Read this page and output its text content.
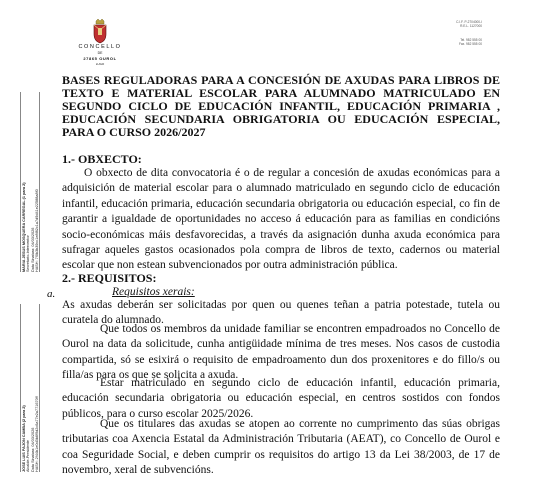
CONCELLO
DE
27865 OUROL
LUGO
C.I.F. P-2704000-I
R.E.L. 1127000
Tel. 982 555 00
Fax. 982 555 00
MARIA JESUS MOSQUERA CARREGAL (1 para 2) Secretario-Interventor Data Sinatura: 04/03/2026 HASH: 7f0b3b39cc1e8f82c1a7d9d41e22588a8f0
JOSE LUIS PAJON CAMBA (2 para 2) Alcalde-Presidente Data Sinatura: 04/03/2026 HASH: 2f44b1e0d3b6f9d2c6a77e2a771670ff
BASES REGULADORAS PARA A CONCESIÓN DE AXUDAS PARA LIBROS DE TEXTO E MATERIAL ESCOLAR PARA ALUMNADO MATRICULADO EN SEGUNDO CICLO DE EDUCACIÓN INFANTIL, EDUCACIÓN PRIMARIA , EDUCACIÓN SECUNDARIA OBRIGATORIA OU EDUCACIÓN ESPECIAL, PARA O CURSO 2026/2027
1.- OBXECTO:
O obxecto de dita convocatoria é o de regular a concesión de axudas económicas para a adquisición de material escolar para o alumnado matriculado en segundo ciclo de educación infantil, educación primaria, educación secundaria obrigatoria ou educación especial, co fin de garantir a igualdade de oportunidades no acceso á educación para as familias en condicións socio-económicas máis desfavorecidas, a través da asignación dunha axuda económica para sufragar aqueles gastos ocasionados pola compra de libros de texto, cadernos ou material escolar que non estean subvencionados por outra administración pública.
2.- REQUISITOS:
a.	Requisitos xerais:
As axudas deberán ser solicitadas por quen ou quenes teñan a patria potestade, tutela ou curatela do alumnado.
Que todos os membros da unidade familiar se encontren empadroados no Concello de Ourol na data da solicitude, cunha antigüidade mínima de tres meses. Nos casos de custodia compartida, só se esixirá o requisito de empadroamento dun dos proxenitores e do fillo/s ou filla/as para os que se solicita a axuda.
Estar matriculado en segundo ciclo de educación infantil, educación primaria, educación secundaria obrigatoria ou educación especial, en centros sostidos con fondos públicos, para o curso escolar 2025/2026.
Que os titulares das axudas se atopen ao corrente no cumprimento das súas obrigas tributarias coa Axencia Estatal da Administración Tributaria (AEAT), co Concello de Ourol e coa Seguridade Social, e deben cumprir os requisitos do artigo 13 da Lei 38/2003, de 17 de novembro, xeral de subvencións.
